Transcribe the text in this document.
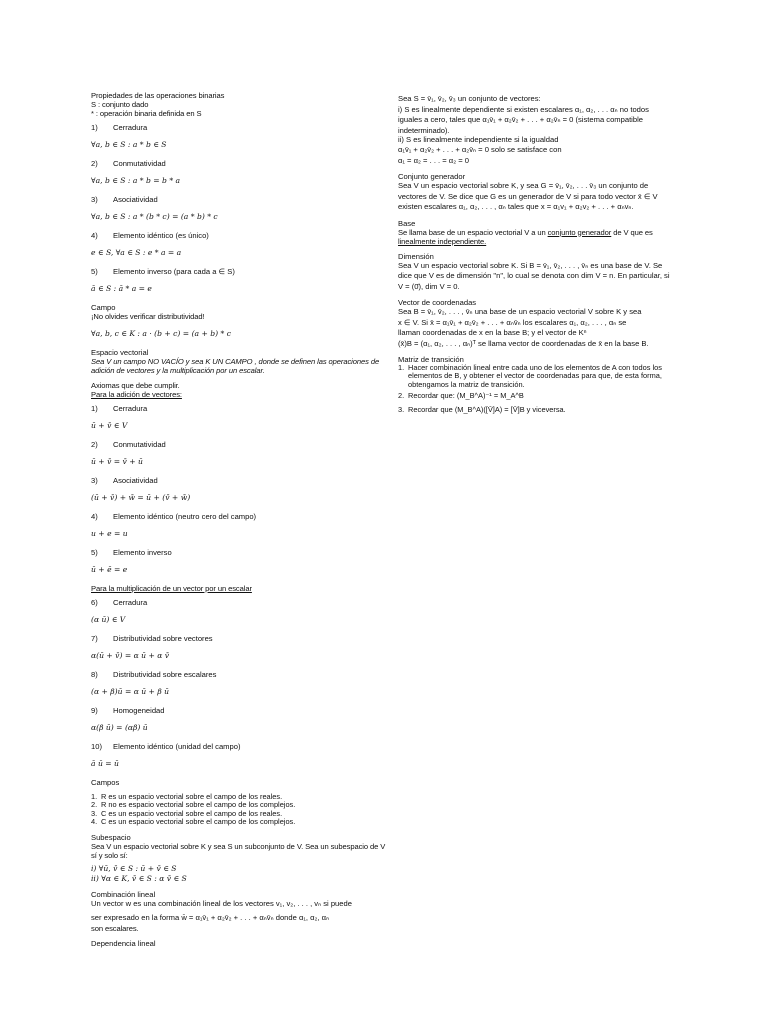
Propiedades de las operaciones binarias
S : conjunto dado
* : operación binaria definida en S
1)	Cerradura
∀a, b ∈ S : a * b ∈ S
2)	Conmutatividad
∀a, b ∈ S : a * b = b * a
3)	Asociatividad
∀a, b ∈ S : a * (b * c) = (a * b) * c
4)	Elemento idéntico (es único)
e ∈ S, ∀a ∈ S : e * a = a
5)	Elemento inverso (para cada a ∈ S)
ā ∈ S : ā * a = e
Campo
¡No olvides verificar distributividad!
∀a, b, c ∈ K : a · (b + c) = (a + b) * c
Espacio vectorial
Sea V un campo NO VACÍO y sea K UN CAMPO , donde se definen las operaciones de adición de vectores y la multiplicación por un escalar.
Axiomas que debe cumplir.
Para la adición de vectores:
1)	Cerradura
ū + v̄ ∈ V
2)	Conmutatividad
ū + v̄ = v̄ + ū
3)	Asociatividad
(ū + v̄) + w̄ = ū + (v̄ + w̄)
4)	Elemento idéntico (neutro cero del campo)
u + e = u
5)	Elemento inverso
ū + ē = e
Para la multiplicación de un vector por un escalar
6)	Cerradura
(α ū) ∈ V
7)	Distributividad sobre vectores
α(ū + v̄) = α ū + α v̄
8)	Distributividad sobre escalares
(α + β)ū = α ū + β ū
9)	Homogeneidad
α(β ū) = (αβ) ū
10)	Elemento idéntico (unidad del campo)
ā ū = ū
Campos
1. R es un espacio vectorial sobre el campo de los reales.
2. R no es espacio vectorial sobre el campo de los complejos.
3. C es un espacio vectorial sobre el campo de los reales.
4. C es un espacio vectorial sobre el campo de los complejos.
Subespacio
Sea V un espacio vectorial sobre K y sea S un subconjunto de V. Sea un subespacio de V sí y solo sí:
i) ∀ū, v̄ ∈ S : ū + v̄ ∈ S
ii) ∀α ∈ K, v̄ ∈ S : α v̄ ∈ S
Combinación lineal
Un vector w es una combinación lineal de los vectores v₁, v₂, . . . , vₙ si puede
ser expresado en la forma w̄ = α₁v̄₁ + α₂v̄₂ + . . . + αₙv̄ₙ donde α₁, α₂, αₙ
son escalares.
Dependencia lineal
Sea S = v̄₁, v̄₂, v̄₃ un conjunto de vectores:
i) S es linealmente dependiente si existen escalares α₁, α₂, . . . αₙ no todos
iguales a cero, tales que α₁v̄₁ + α₂v̄₂ + . . . + α₂v̄ₙ = 0 (sistema compatible
indeterminado).
ii) S es linealmente independiente si la igualdad
α₁v̄₁ + α₂v̄₂ + . . . + α₂v̄ₙ = 0 solo se satisface con
α₁ = α₂ = . . . = α₂ = 0
Conjunto generador
Sea V un espacio vectorial sobre K, y sea G = v̄₁, v̄₂, . . . v̄₃ un conjunto de
vectores de V. Se dice que G es un generador de V si para todo vector x̄ ∈ V
existen escalares α₁, α₂, . . . , αₙ tales que x = α₁v₁ + α₂v₂ + . . . + αₙvₙ.
Base
Se llama base de un espacio vectorial V a un conjunto generador de V que es
linealmente independiente.
Dimensión
Sea V un espacio vectorial sobre K. Si B = v̄₁, v̄₂, . . . , v̄ₙ es una base de V. Se
dice que V es de dimensión "n", lo cual se denota con dim V = n. En particular, si
V = (0̄), dim V = 0.
Vector de coordenadas
Sea B = v̄₁, v̄₂, . . . , v̄ₙ una base de un espacio vectorial V sobre K y sea
x ∈ V. Si x̄ = α₁v̄₁ + α₂v̄₂ + . . . + αₙv̄ₙ los escalares α₁, α₂, . . . , αₙ se
llaman coordenadas de x en la base B; y el vector de Kⁿ
(x̄)B = (α₁, α₂, . . . , αₙ)ᵀ se llama vector de coordenadas de x̄ en la base B.
Matriz de transición
1. Hacer combinación lineal entre cada uno de los elementos de A con todos los elementos de B, y obtener el vector de coordenadas para que, de esta forma, obtengamos la matriz de transición.
2. Recordar que: (M_B^A)⁻¹ = M_A^B
3. Recordar que (M_B^A)([V̄]A) = [V̄]B y viceversa.
